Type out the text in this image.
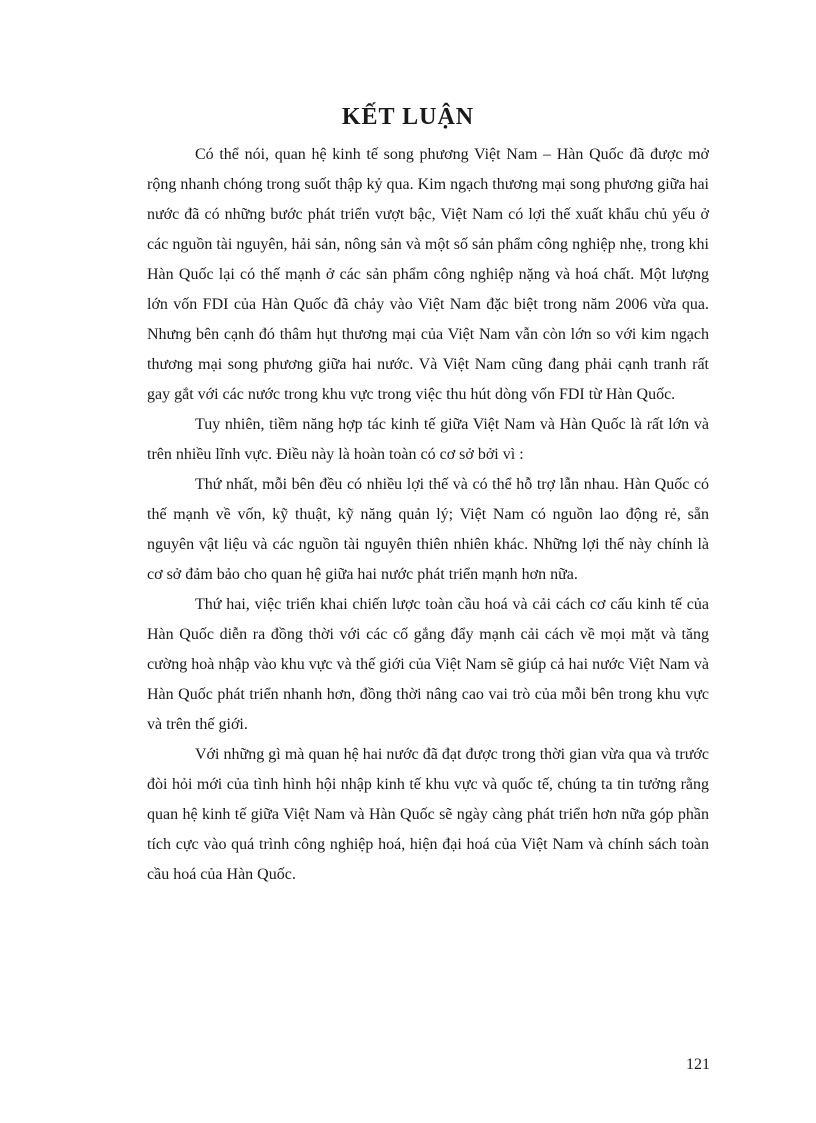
KẾT LUẬN

Có thể nói, quan hệ kinh tế song phương Việt Nam – Hàn Quốc đã được mở rộng nhanh chóng trong suốt thập kỷ qua. Kim ngạch thương mại song phương giữa hai nước đã có những bước phát triển vượt bậc, Việt Nam có lợi thế xuất khẩu chủ yếu ở các nguồn tài nguyên, hải sản, nông sản và một số sản phẩm công nghiệp nhẹ, trong khi Hàn Quốc lại có thế mạnh ở các sản phẩm công nghiệp nặng và hoá chất. Một lượng lớn vốn FDI của Hàn Quốc đã chảy vào Việt Nam đặc biệt trong năm 2006 vừa qua. Nhưng bên cạnh đó thâm hụt thương mại của Việt Nam vẫn còn lớn so với kim ngạch thương mại song phương giữa hai nước. Và Việt Nam cũng đang phải cạnh tranh rất gay gắt với các nước trong khu vực trong việc thu hút dòng vốn FDI từ Hàn Quốc.

Tuy nhiên, tiềm năng hợp tác kinh tế giữa Việt Nam và Hàn Quốc là rất lớn và trên nhiều lĩnh vực. Điều này là hoàn toàn có cơ sở bởi vì :

Thứ nhất, mỗi bên đều có nhiều lợi thế và có thể hỗ trợ lẫn nhau. Hàn Quốc có thế mạnh về vốn, kỹ thuật, kỹ năng quản lý; Việt Nam có nguồn lao động rẻ, sẵn nguyên vật liệu và các nguồn tài nguyên thiên nhiên khác. Những lợi thế này chính là cơ sở đảm bảo cho quan hệ giữa hai nước phát triển mạnh hơn nữa.

Thứ hai, việc triển khai chiến lược toàn cầu hoá và cải cách cơ cấu kinh tế của Hàn Quốc diễn ra đồng thời với các cố gắng đẩy mạnh cải cách về mọi mặt và tăng cường hoà nhập vào khu vực và thế giới của Việt Nam sẽ giúp cả hai nước Việt Nam và Hàn Quốc phát triển nhanh hơn, đồng thời nâng cao vai trò của mỗi bên trong khu vực và trên thế giới.

Với những gì mà quan hệ hai nước đã đạt được trong thời gian vừa qua và trước đòi hỏi mới của tình hình hội nhập kinh tế khu vực và quốc tế, chúng ta tin tưởng rằng quan hệ kinh tế giữa Việt Nam và Hàn Quốc sẽ ngày càng phát triển hơn nữa góp phần tích cực vào quá trình công nghiệp hoá, hiện đại hoá của Việt Nam và chính sách toàn cầu hoá của Hàn Quốc.

121
